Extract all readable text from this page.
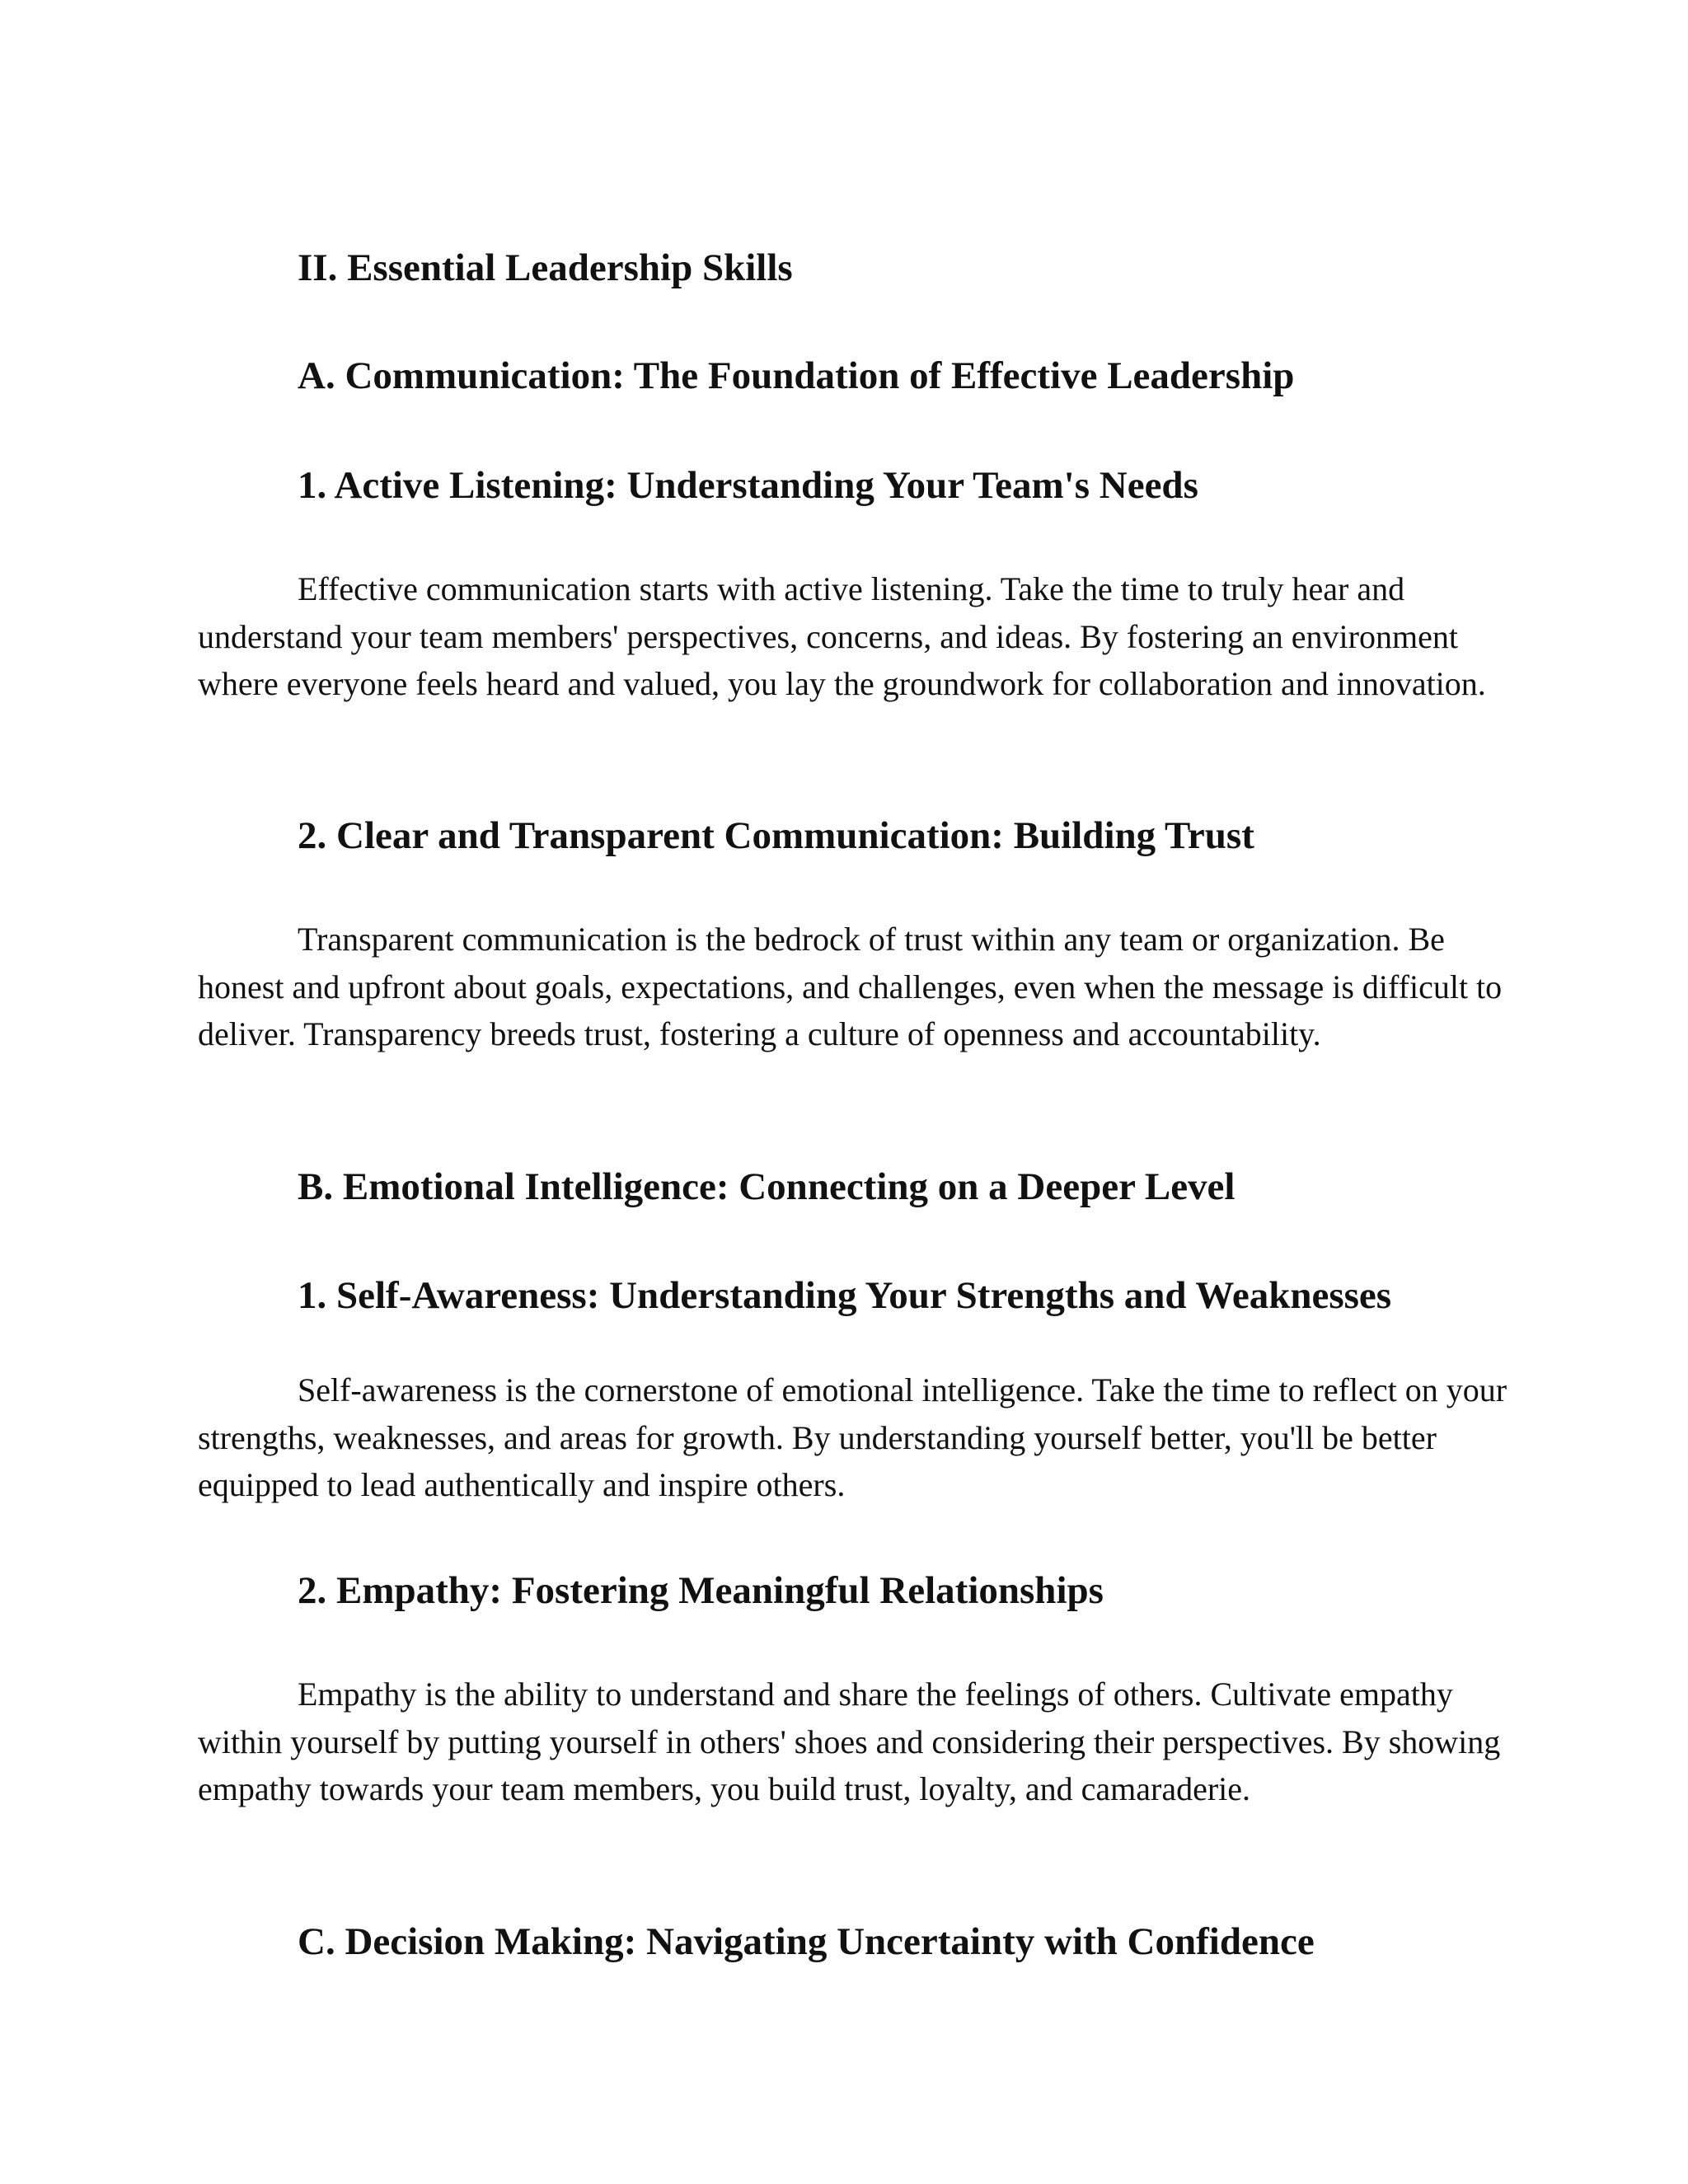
II. Essential Leadership Skills
A. Communication: The Foundation of Effective Leadership
1. Active Listening: Understanding Your Team's Needs

Effective communication starts with active listening. Take the time to truly hear and understand your team members' perspectives, concerns, and ideas. By fostering an environment where everyone feels heard and valued, you lay the groundwork for collaboration and innovation.

2. Clear and Transparent Communication: Building Trust

Transparent communication is the bedrock of trust within any team or organization. Be honest and upfront about goals, expectations, and challenges, even when the message is difficult to deliver. Transparency breeds trust, fostering a culture of openness and accountability.

B. Emotional Intelligence: Connecting on a Deeper Level
1. Self-Awareness: Understanding Your Strengths and Weaknesses

Self-awareness is the cornerstone of emotional intelligence. Take the time to reflect on your strengths, weaknesses, and areas for growth. By understanding yourself better, you'll be better equipped to lead authentically and inspire others.

2. Empathy: Fostering Meaningful Relationships

Empathy is the ability to understand and share the feelings of others. Cultivate empathy within yourself by putting yourself in others' shoes and considering their perspectives. By showing empathy towards your team members, you build trust, loyalty, and camaraderie.

C. Decision Making: Navigating Uncertainty with Confidence
